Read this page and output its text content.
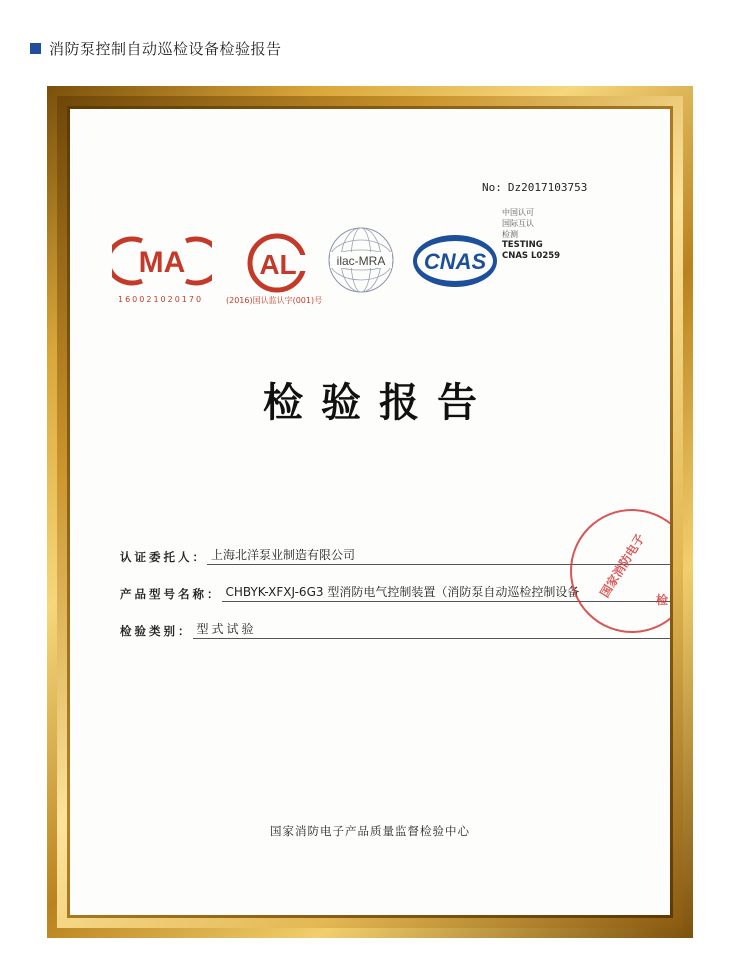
消防泵控制自动巡检设备检验报告
No: Dz2017103753
MA
160021020170
AL
(2016)国认监认字(001)号
ilac-MRA CNAS
中国认可
国际互认
检测
TESTING
CNAS L0259
检验报告
认证委托人 ： 上海北洋泵业制造有限公司
产品型号名称 ： CHBYK-XFXJ-6G3 型消防电气控制装置（消防泵自动巡检控制设备
检验类别 ： 型式试验
国家消防电子 检
国家消防电子产品质量监督检验中心
